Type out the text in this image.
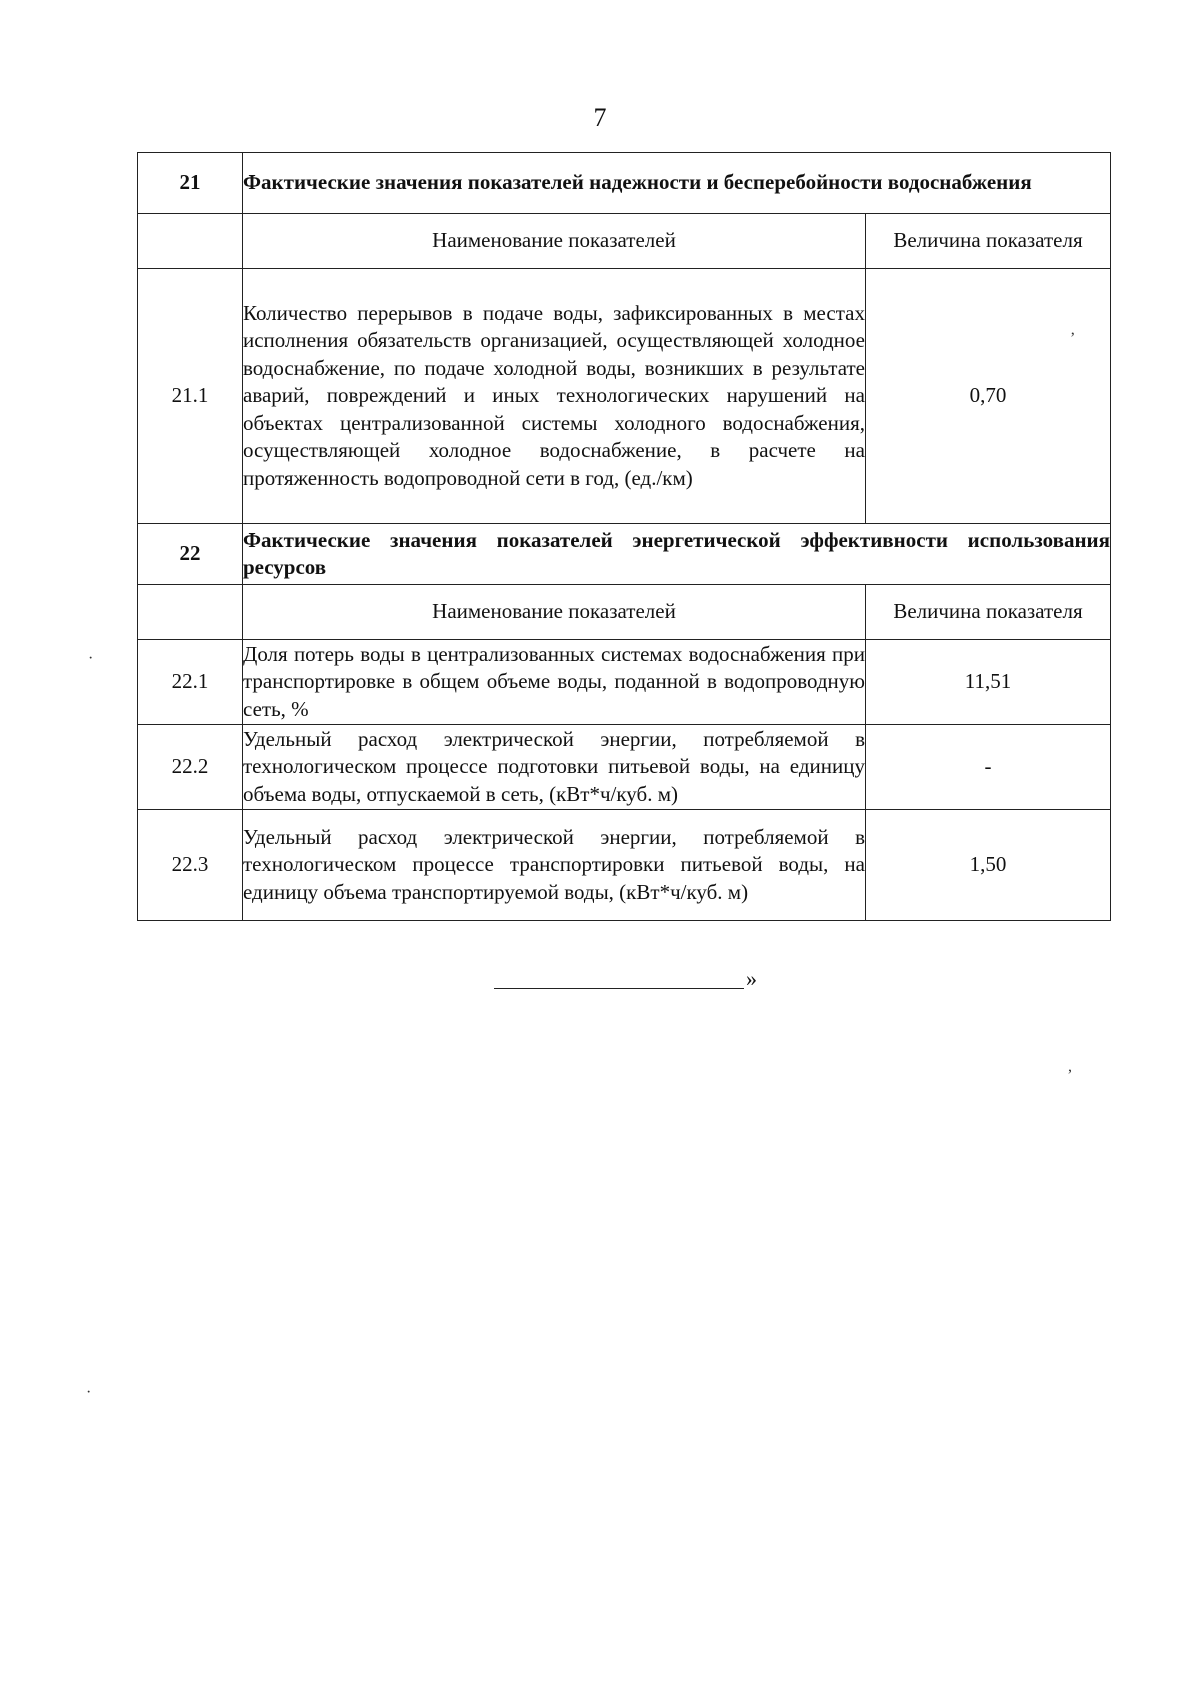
7
21	Фактические значения показателей надежности и бесперебойности водоснабжения	
	Наименование показателей	Величина показателя
21.1	Количество перерывов в подаче воды, зафиксированных в местах исполнения обязательств организацией, осуществляющей холодное водоснабжение, по подаче холодной воды, возникших в результате аварий, повреждений и иных технологических нарушений на объектах централизованной системы холодного водоснабжения, осуществляющей холодное водоснабжение, в расчете на протяженность водопроводной сети в год, (ед./км)	0,70
22	Фактические значения показателей энергетической эффективности использования ресурсов	
	Наименование показателей	Величина показателя
22.1	Доля потерь воды в централизованных системах водоснабжения при транспортировке в общем объеме воды, поданной в водопроводную сеть, %	11,51
22.2	Удельный расход электрической энергии, потребляемой в технологическом процессе подготовки питьевой воды, на единицу объема воды, отпускаемой в сеть, (кВт*ч/куб. м)	-
22.3	Удельный расход электрической энергии, потребляемой в технологическом процессе транспортировки питьевой воды, на единицу объема транспортируемой воды, (кВт*ч/куб. м)	1,50
»
’
·
,
·
